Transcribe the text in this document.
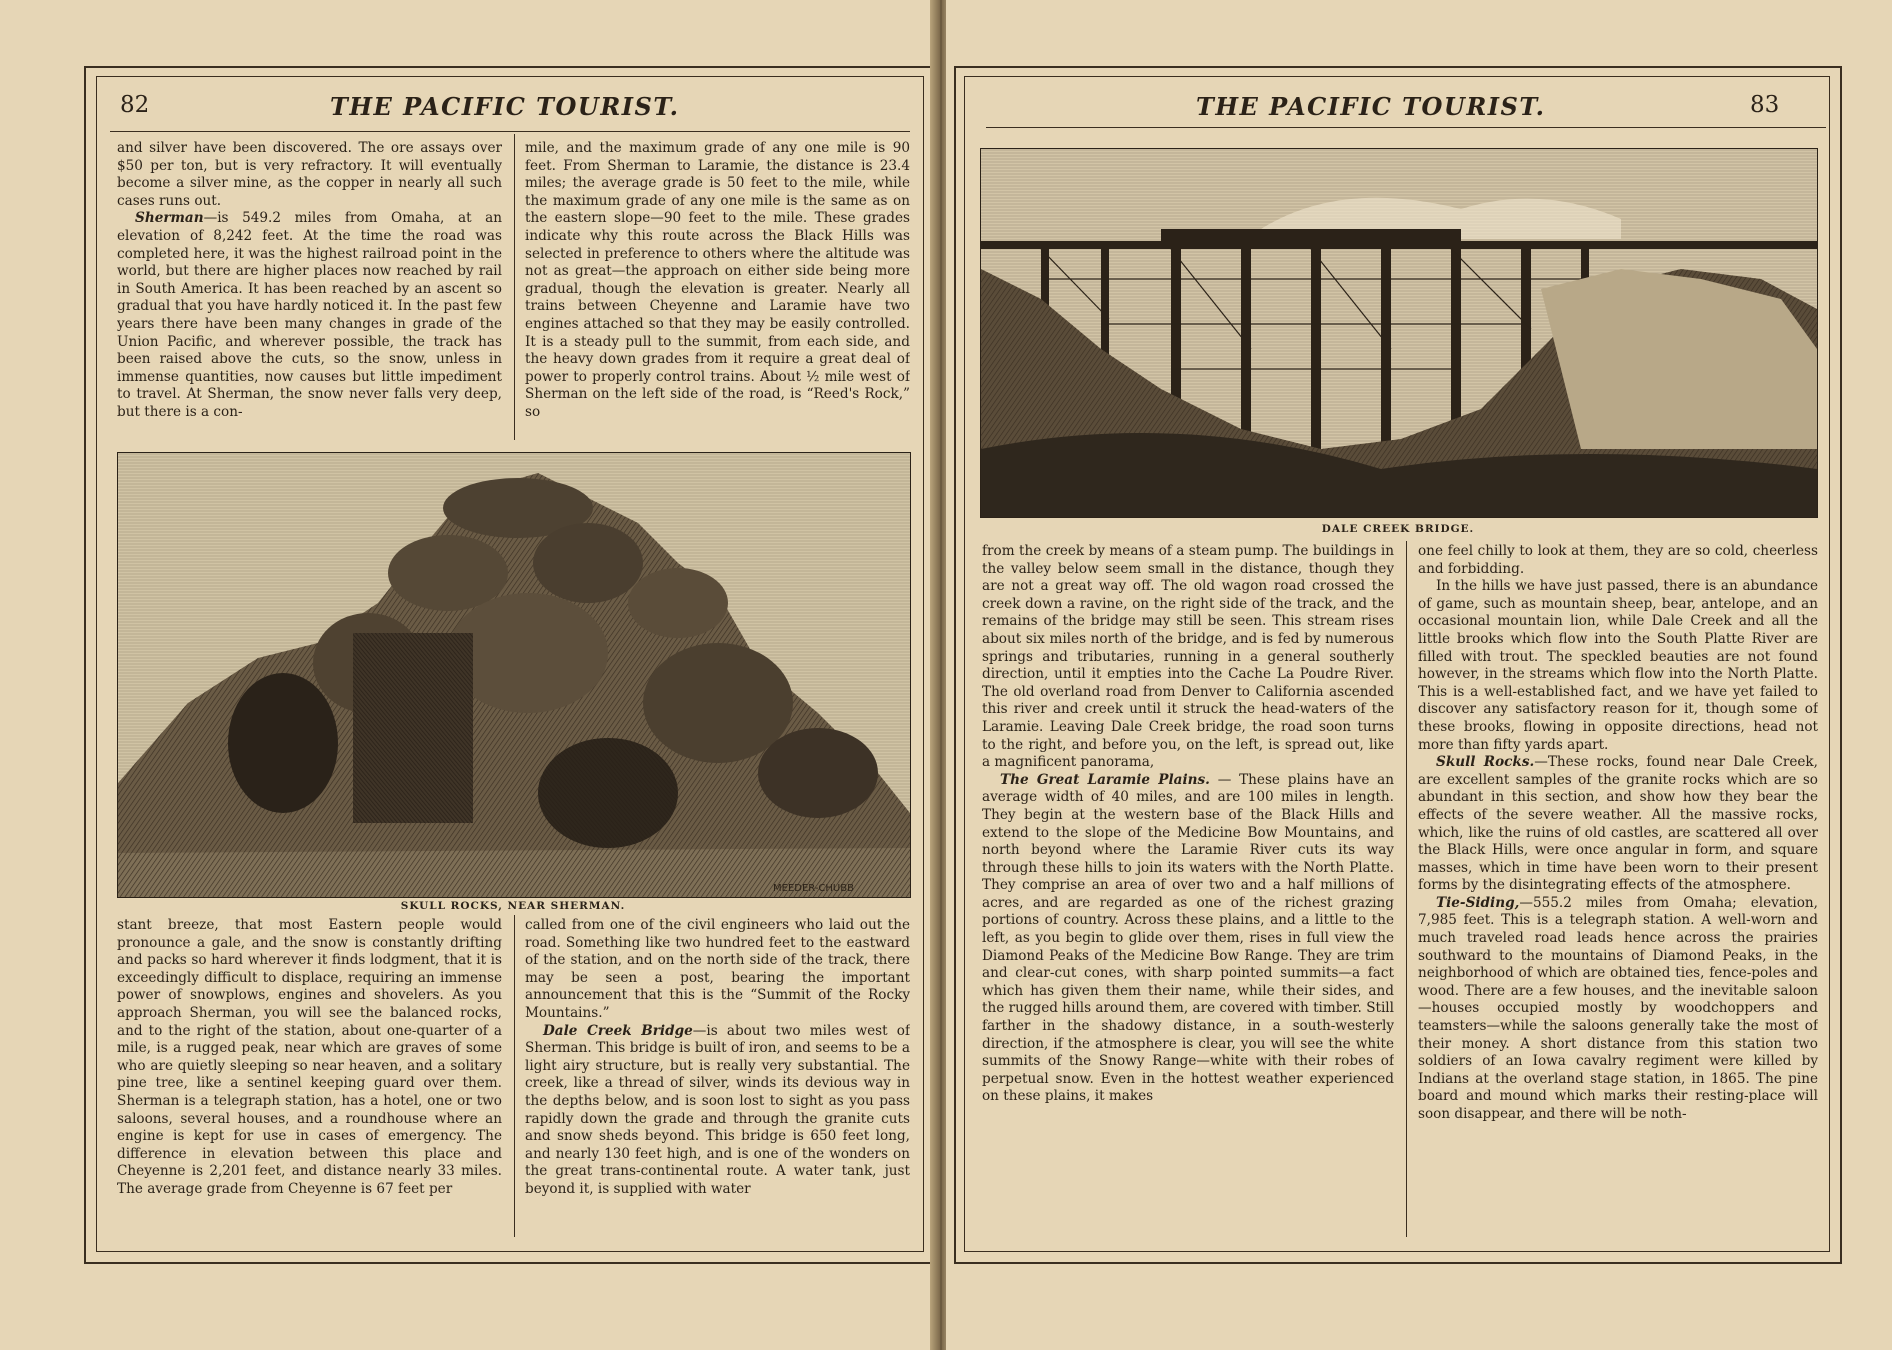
82	THE PACIFIC TOURIST.

and silver have been discovered. The ore assays over $50 per ton, but is very refractory. It will eventually become a silver mine, as the copper in nearly all such cases runs out.

Sherman—is 549.2 miles from Omaha, at an elevation of 8,242 feet. At the time the road was completed here, it was the highest railroad point in the world, but there are higher places now reached by rail in South America. It has been reached by an ascent so gradual that you have hardly noticed it. In the past few years there have been many changes in grade of the Union Pacific, and wherever possible, the track has been raised above the cuts, so the snow, unless in immense quantities, now causes but little impediment to travel. At Sherman, the snow never falls very deep, but there is a con-

mile, and the maximum grade of any one mile is 90 feet. From Sherman to Laramie, the distance is 23.4 miles; the average grade is 50 feet to the mile, while the maximum grade of any one mile is the same as on the eastern slope—90 feet to the mile. These grades indicate why this route across the Black Hills was selected in preference to others where the altitude was not as great—the approach on either side being more gradual, though the elevation is greater. Nearly all trains between Cheyenne and Laramie have two engines attached so that they may be easily controlled. It is a steady pull to the summit, from each side, and the heavy down grades from it require a great deal of power to properly control trains. About ½ mile west of Sherman on the left side of the road, is “Reed's Rock,” so

MEEDER-CHUBB
SKULL ROCKS, NEAR SHERMAN.

stant breeze, that most Eastern people would pronounce a gale, and the snow is constantly drifting and packs so hard wherever it finds lodgment, that it is exceedingly difficult to displace, requiring an immense power of snowplows, engines and shovelers. As you approach Sherman, you will see the balanced rocks, and to the right of the station, about one-quarter of a mile, is a rugged peak, near which are graves of some who are quietly sleeping so near heaven, and a solitary pine tree, like a sentinel keeping guard over them. Sherman is a telegraph station, has a hotel, one or two saloons, several houses, and a roundhouse where an engine is kept for use in cases of emergency. The difference in elevation between this place and Cheyenne is 2,201 feet, and distance nearly 33 miles. The average grade from Cheyenne is 67 feet per

called from one of the civil engineers who laid out the road. Something like two hundred feet to the eastward of the station, and on the north side of the track, there may be seen a post, bearing the important announcement that this is the “Summit of the Rocky Mountains.”

Dale Creek Bridge—is about two miles west of Sherman. This bridge is built of iron, and seems to be a light airy structure, but is really very substantial. The creek, like a thread of silver, winds its devious way in the depths below, and is soon lost to sight as you pass rapidly down the grade and through the granite cuts and snow sheds beyond. This bridge is 650 feet long, and nearly 130 feet high, and is one of the wonders on the great trans-continental route. A water tank, just beyond it, is supplied with water

THE PACIFIC TOURIST.	83
DALE CREEK BRIDGE.

from the creek by means of a steam pump. The buildings in the valley below seem small in the distance, though they are not a great way off. The old wagon road crossed the creek down a ravine, on the right side of the track, and the remains of the bridge may still be seen. This stream rises about six miles north of the bridge, and is fed by numerous springs and tributaries, running in a general southerly direction, until it empties into the Cache La Poudre River. The old overland road from Denver to California ascended this river and creek until it struck the head-waters of the Laramie. Leaving Dale Creek bridge, the road soon turns to the right, and before you, on the left, is spread out, like a magnificent panorama,

The Great Laramie Plains. — These plains have an average width of 40 miles, and are 100 miles in length. They begin at the western base of the Black Hills and extend to the slope of the Medicine Bow Mountains, and north beyond where the Laramie River cuts its way through these hills to join its waters with the North Platte. They comprise an area of over two and a half millions of acres, and are regarded as one of the richest grazing portions of country. Across these plains, and a little to the left, as you begin to glide over them, rises in full view the Diamond Peaks of the Medicine Bow Range. They are trim and clear-cut cones, with sharp pointed summits—a fact which has given them their name, while their sides, and the rugged hills around them, are covered with timber. Still farther in the shadowy distance, in a south-westerly direction, if the atmosphere is clear, you will see the white summits of the Snowy Range—white with their robes of perpetual snow. Even in the hottest weather experienced on these plains, it makes

one feel chilly to look at them, they are so cold, cheerless and forbidding.

In the hills we have just passed, there is an abundance of game, such as mountain sheep, bear, antelope, and an occasional mountain lion, while Dale Creek and all the little brooks which flow into the South Platte River are filled with trout. The speckled beauties are not found however, in the streams which flow into the North Platte. This is a well-established fact, and we have yet failed to discover any satisfactory reason for it, though some of these brooks, flowing in opposite directions, head not more than fifty yards apart.

Skull Rocks.—These rocks, found near Dale Creek, are excellent samples of the granite rocks which are so abundant in this section, and show how they bear the effects of the severe weather. All the massive rocks, which, like the ruins of old castles, are scattered all over the Black Hills, were once angular in form, and square masses, which in time have been worn to their present forms by the disintegrating effects of the atmosphere.

Tie-Siding,—555.2 miles from Omaha; elevation, 7,985 feet. This is a telegraph station. A well-worn and much traveled road leads hence across the prairies southward to the mountains of Diamond Peaks, in the neighborhood of which are obtained ties, fence-poles and wood. There are a few houses, and the inevitable saloon—houses occupied mostly by woodchoppers and teamsters—while the saloons generally take the most of their money. A short distance from this station two soldiers of an Iowa cavalry regiment were killed by Indians at the overland stage station, in 1865. The pine board and mound which marks their resting-place will soon disappear, and there will be noth-
